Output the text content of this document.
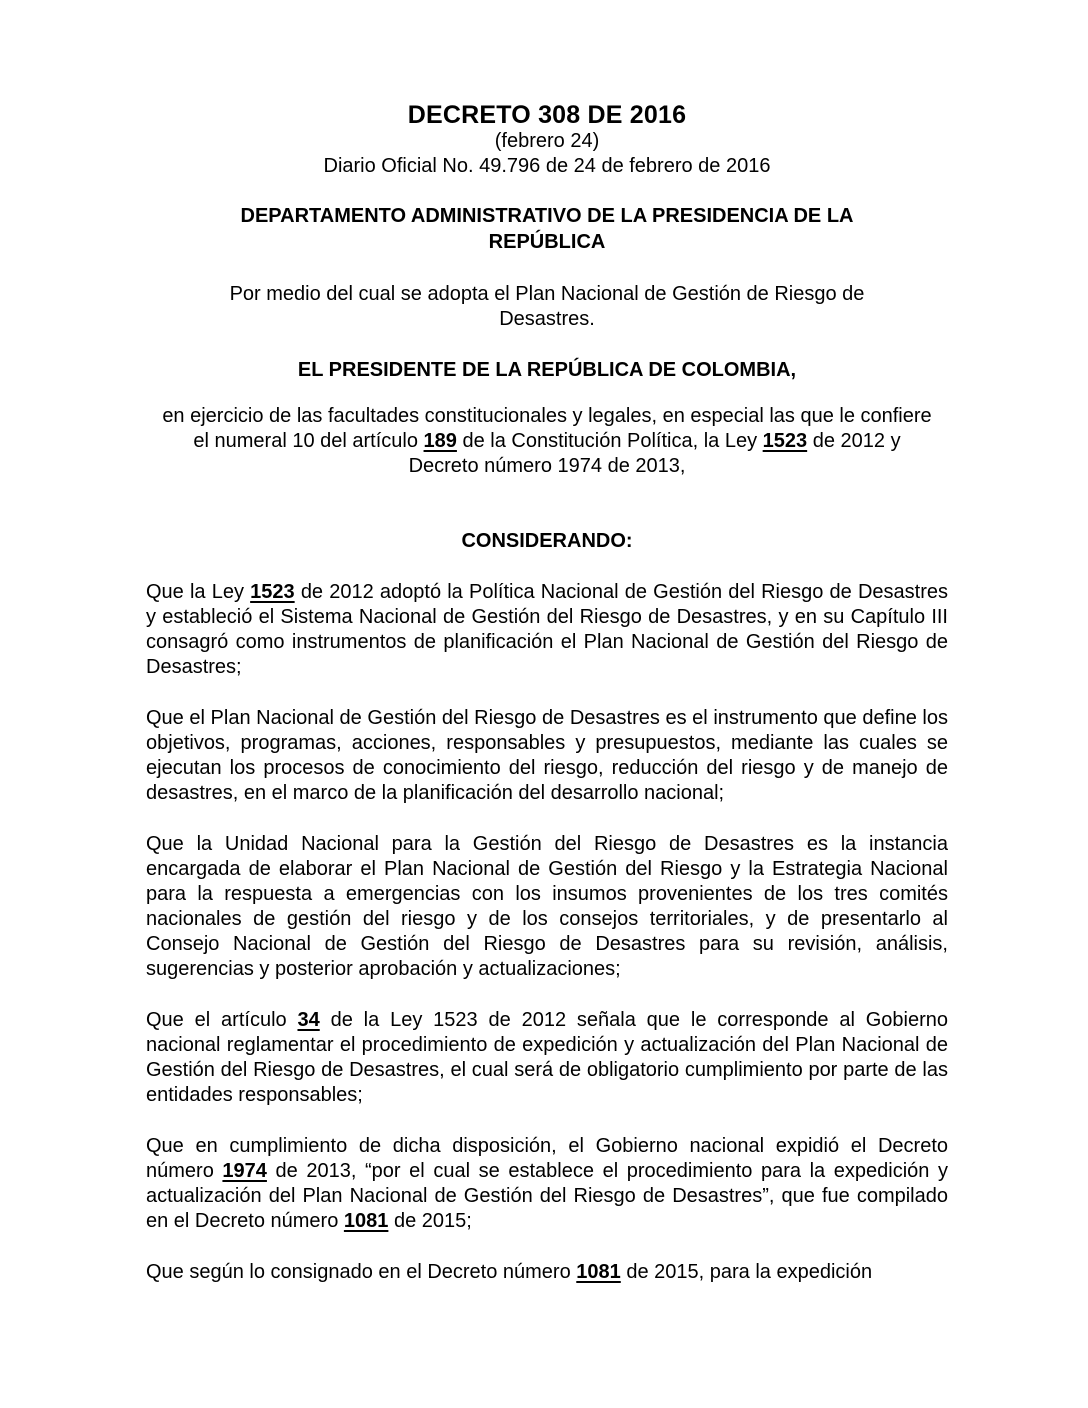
DECRETO 308 DE 2016

(febrero 24)

Diario Oficial No. 49.796 de 24 de febrero de 2016

DEPARTAMENTO ADMINISTRATIVO DE LA PRESIDENCIA DE LA REPÚBLICA

Por medio del cual se adopta el Plan Nacional de Gestión de Riesgo de Desastres.

EL PRESIDENTE DE LA REPÚBLICA DE COLOMBIA,

en ejercicio de las facultades constitucionales y legales, en especial las que le confiere el numeral 10 del artículo 189 de la Constitución Política, la Ley 1523 de 2012 y Decreto número 1974 de 2013,

CONSIDERANDO:

Que la Ley 1523 de 2012 adoptó la Política Nacional de Gestión del Riesgo de Desastres y estableció el Sistema Nacional de Gestión del Riesgo de Desastres, y en su Capítulo III consagró como instrumentos de planificación el Plan Nacional de Gestión del Riesgo de Desastres;

Que el Plan Nacional de Gestión del Riesgo de Desastres es el instrumento que define los objetivos, programas, acciones, responsables y presupuestos, mediante las cuales se ejecutan los procesos de conocimiento del riesgo, reducción del riesgo y de manejo de desastres, en el marco de la planificación del desarrollo nacional;

Que la Unidad Nacional para la Gestión del Riesgo de Desastres es la instancia encargada de elaborar el Plan Nacional de Gestión del Riesgo y la Estrategia Nacional para la respuesta a emergencias con los insumos provenientes de los tres comités nacionales de gestión del riesgo y de los consejos territoriales, y de presentarlo al Consejo Nacional de Gestión del Riesgo de Desastres para su revisión, análisis, sugerencias y posterior aprobación y actualizaciones;

Que el artículo 34 de la Ley 1523 de 2012 señala que le corresponde al Gobierno nacional reglamentar el procedimiento de expedición y actualización del Plan Nacional de Gestión del Riesgo de Desastres, el cual será de obligatorio cumplimiento por parte de las entidades responsables;

Que en cumplimiento de dicha disposición, el Gobierno nacional expidió el Decreto número 1974 de 2013, “por el cual se establece el procedimiento para la expedición y actualización del Plan Nacional de Gestión del Riesgo de Desastres”, que fue compilado en el Decreto número 1081 de 2015;

Que según lo consignado en el Decreto número 1081 de 2015, para la expedición
